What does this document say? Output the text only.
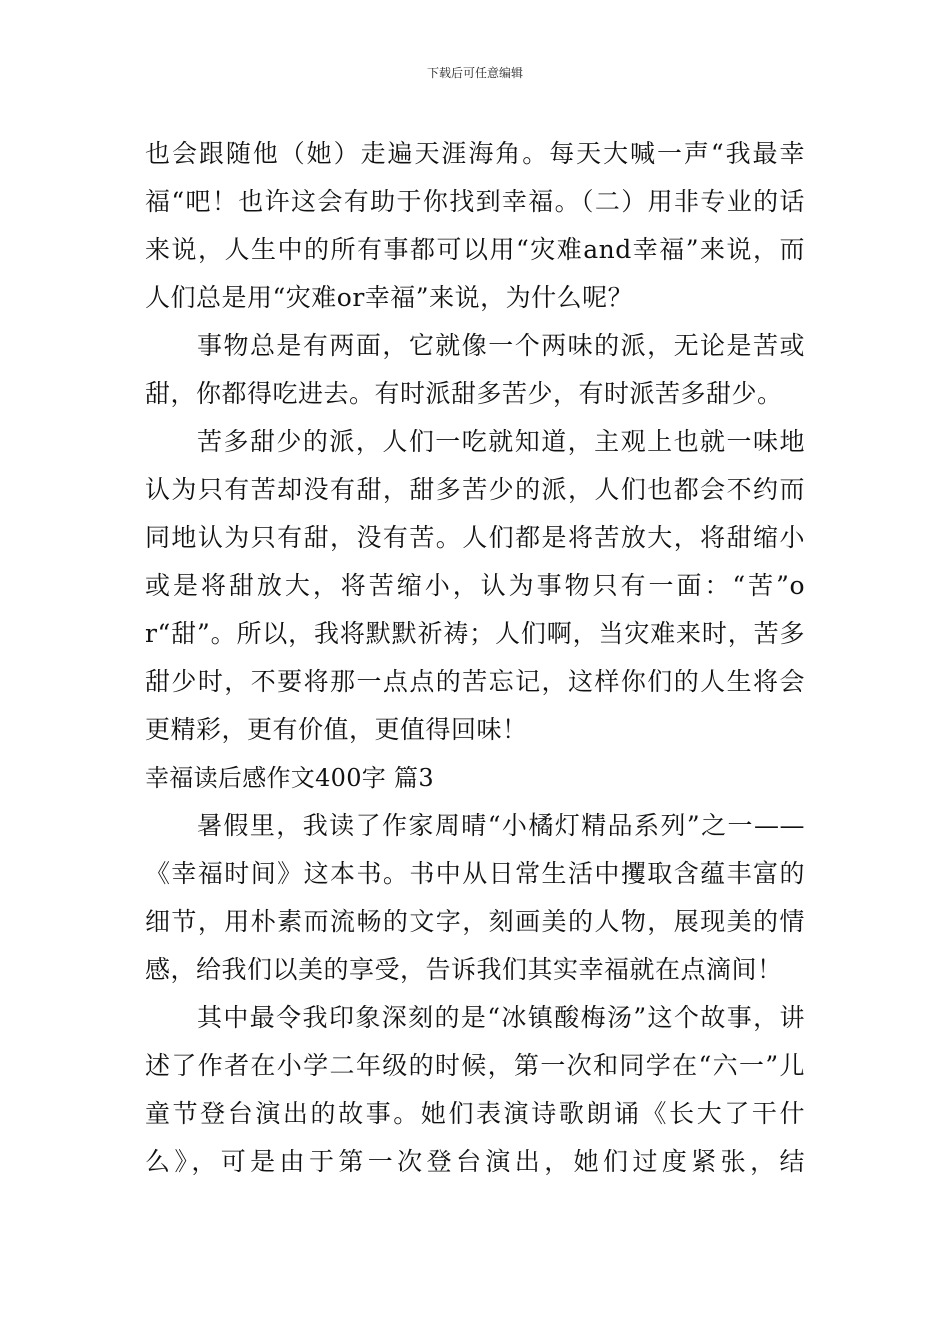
下载后可任意编辑

也会跟随他（她）走遍天涯海角。每天大喊一声“我最幸福“吧！也许这会有助于你找到幸福。（二）用非专业的话来说，人生中的所有事都可以用“灾难and幸福”来说，而人们总是用“灾难or幸福”来说，为什么呢？

事物总是有两面，它就像一个两味的派，无论是苦或甜，你都得吃进去。有时派甜多苦少，有时派苦多甜少。

苦多甜少的派，人们一吃就知道，主观上也就一味地认为只有苦却没有甜，甜多苦少的派，人们也都会不约而同地认为只有甜，没有苦。人们都是将苦放大，将甜缩小或是将甜放大，将苦缩小，认为事物只有一面：“苦”or“甜”。所以，我将默默祈祷；人们啊，当灾难来时，苦多甜少时，不要将那一点点的苦忘记，这样你们的人生将会更精彩，更有价值，更值得回味！

幸福读后感作文400字 篇3

暑假里，我读了作家周晴“小橘灯精品系列”之一——《幸福时间》这本书。书中从日常生活中攫取含蕴丰富的细节，用朴素而流畅的文字，刻画美的人物，展现美的情感，给我们以美的享受，告诉我们其实幸福就在点滴间！

其中最令我印象深刻的是“冰镇酸梅汤”这个故事，讲述了作者在小学二年级的时候，第一次和同学在“六一”儿童节登台演出的故事。她们表演诗歌朗诵《长大了干什么》，可是由于第一次登台演出，她们过度紧张，结
